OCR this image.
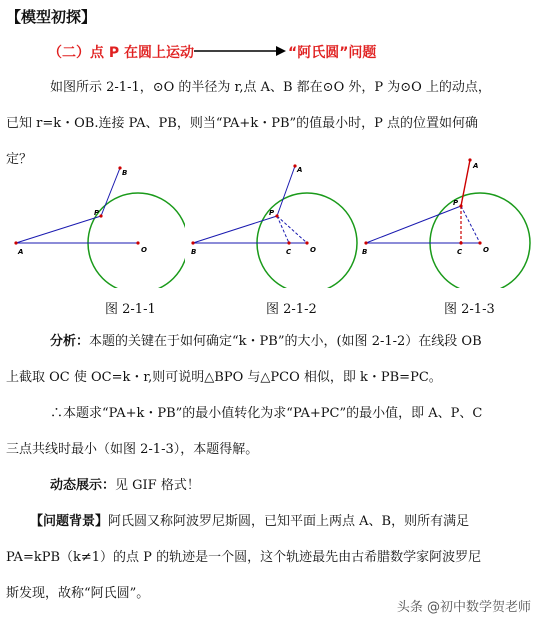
【模型初探】
（二）点 P 在圆上运动	“阿氏圆”问题
如图所示 2-1-1，⊙O 的半径为 r,点 A、B 都在⊙O 外，P 为⊙O 上的动点，
已知 r=k・OB.连接 PA、PB，则当“PA+k・PB”的值最小时，P 点的位置如何确
定？
A
B
P
O
图 2-1-1
B
A
P
C	O
图 2-1-2
B
A
P
C	O
图 2-1-3
分析：本题的关键在于如何确定“k・PB”的大小，(如图 2-1-2）在线段 OB
上截取 OC 使 OC=k・r,则可说明△BPO 与△PCO 相似，即 k・PB=PC。
∴本题求“PA+k・PB”的最小值转化为求“PA+PC”的最小值，即 A、P、C
三点共线时最小（如图 2-1-3），本题得解。
动态展示：见 GIF 格式！
【问题背景】阿氏圆又称阿波罗尼斯圆，已知平面上两点 A、B，则所有满足
PA=kPB（k≠1）的点 P 的轨迹是一个圆，这个轨迹最先由古希腊数学家阿波罗尼
斯发现，故称“阿氏圆”。
头条 @初中数学贺老师
